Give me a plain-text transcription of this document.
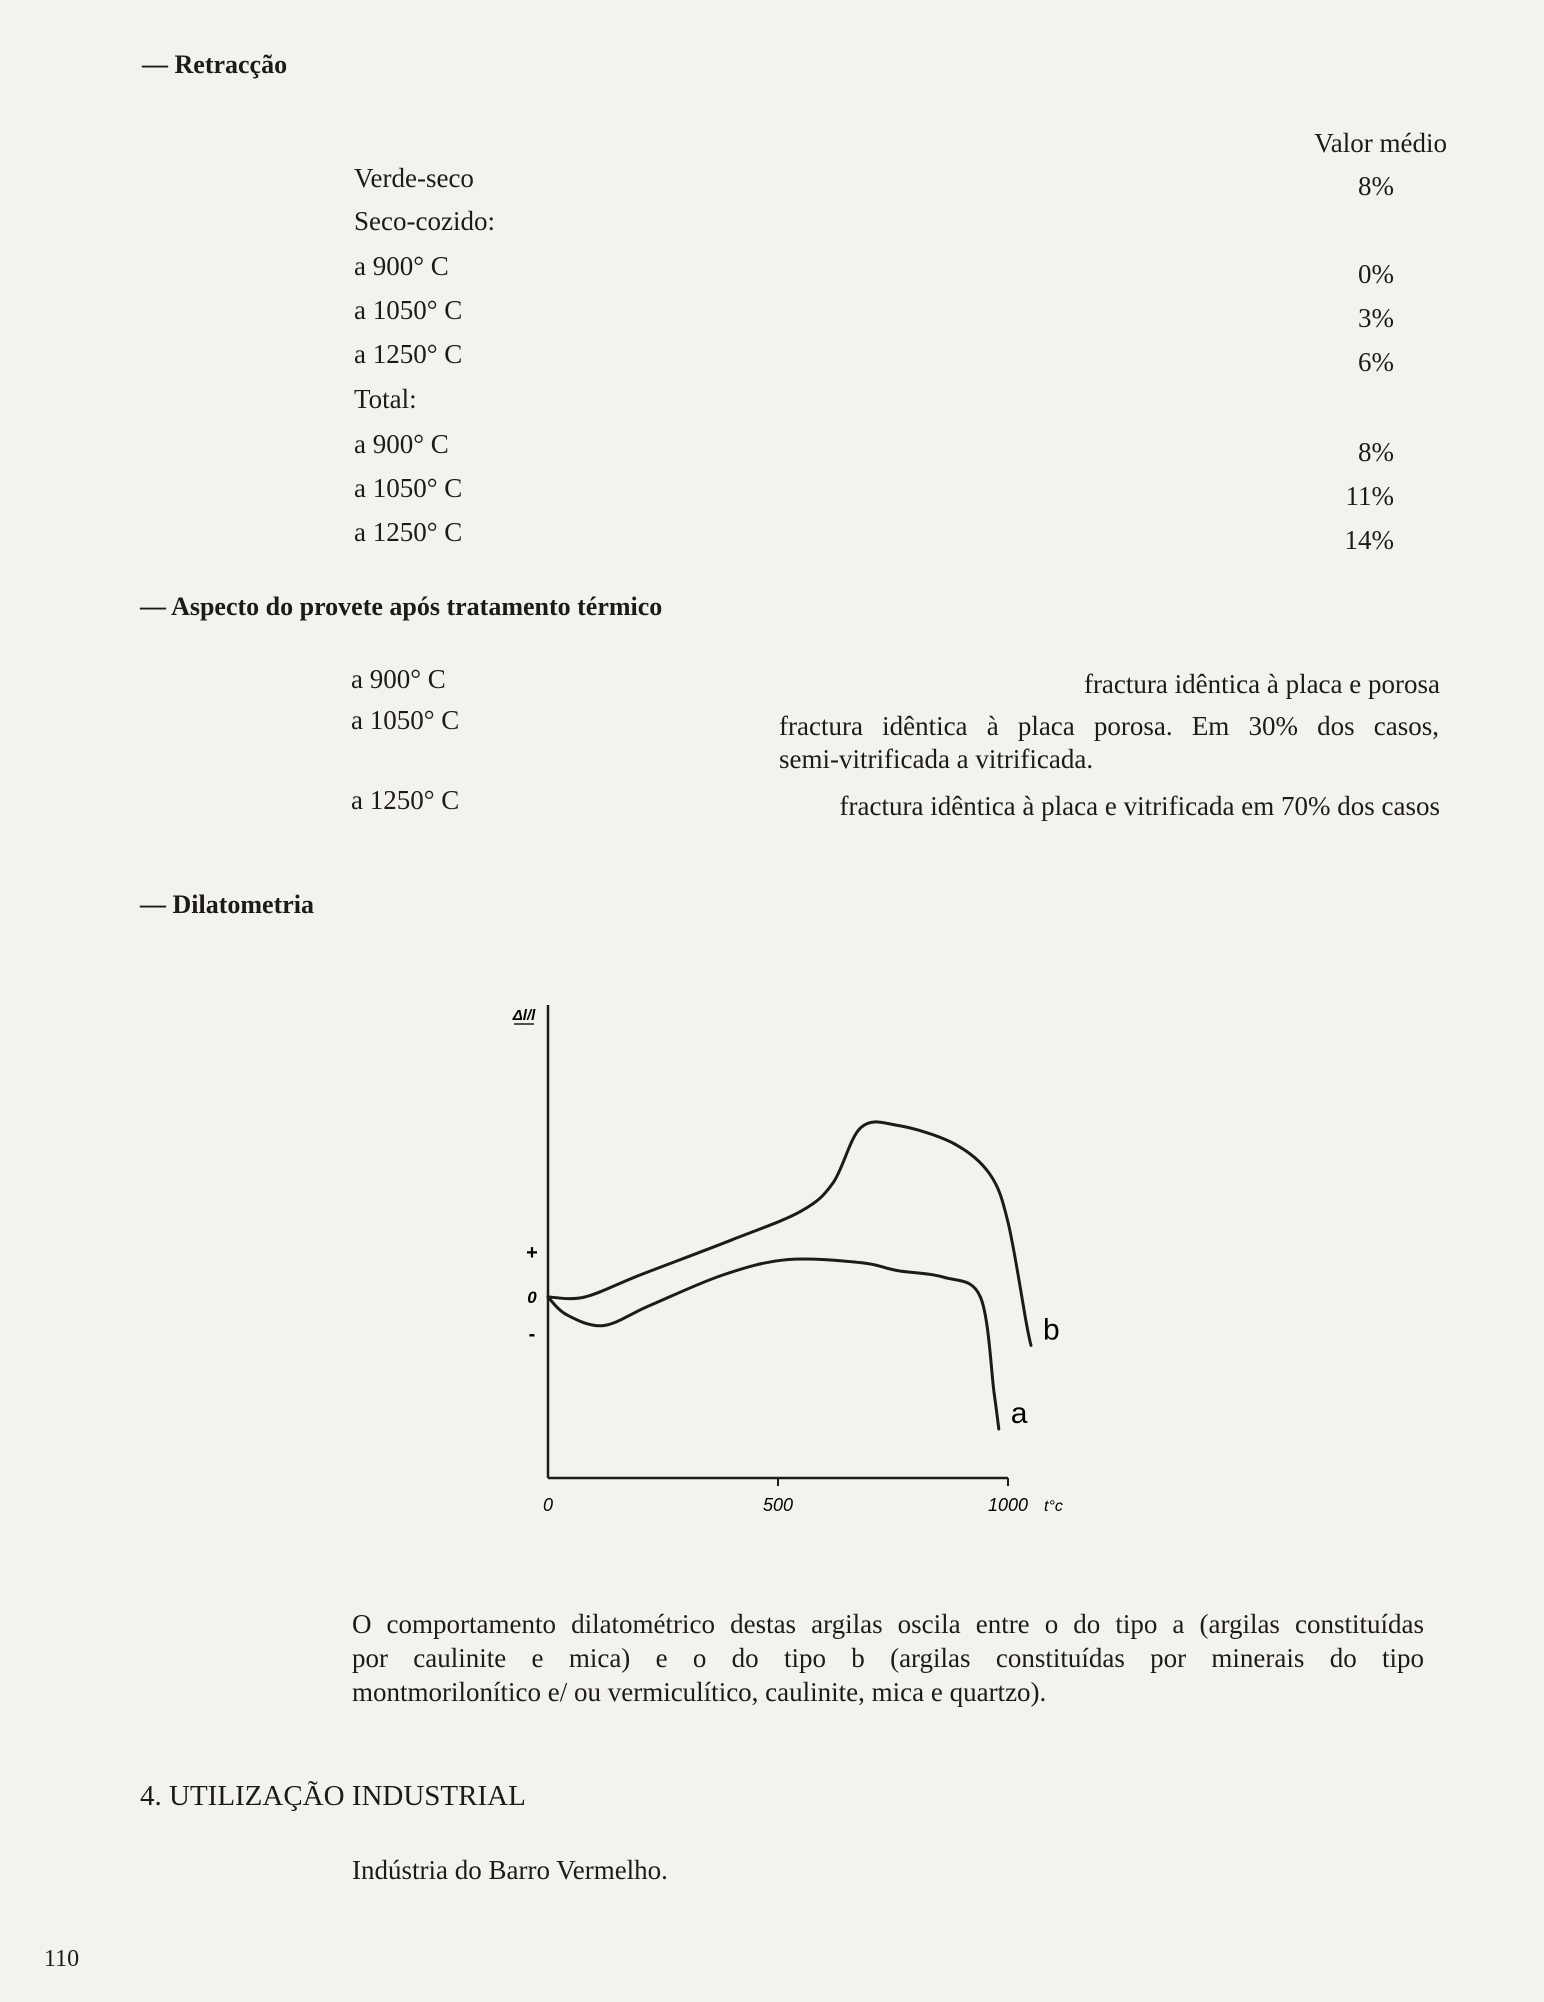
— Retracção
Valor médio
Verde-seco	8%
Seco-cozido:
a 900° C	0%
a 1050° C	3%
a 1250° C	6%
Total:
a 900° C	8%
a 1050° C	11%
a 1250° C	14%
— Aspecto do provete após tratamento térmico
a 900° C	fractura idêntica à placa e porosa
a 1050° C	fractura idêntica à placa porosa. Em 30% dos casos,
semi-vitrificada a vitrificada.
a 1250° C	fractura idêntica à placa e vitrificada em 70% dos casos
— Dilatometria
Δl/l
0	500	1000 t°c
+
0
-
a
b
O comportamento dilatométrico destas argilas oscila entre o do tipo a (argilas constituídas
por caulinite e mica) e o do tipo b (argilas constituídas por minerais do tipo
montmorilonítico e/ ou vermiculítico, caulinite, mica e quartzo).
4. UTILIZAÇÃO INDUSTRIAL
Indústria do Barro Vermelho.
110
